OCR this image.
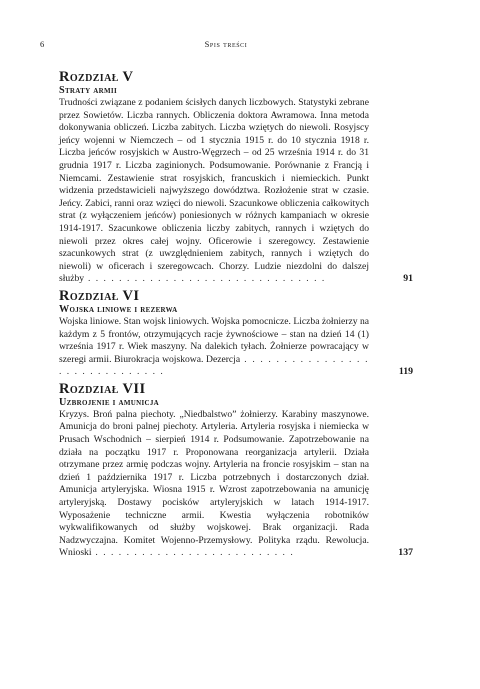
6	Spis treści
Rozdział V
Straty armii

Trudności związane z podaniem ścisłych danych liczbowych. Statystyki zebrane przez Sowietów. Liczba rannych. Obliczenia doktora Awramowa. Inna metoda dokonywania obliczeń. Liczba zabitych. Liczba wziętych do niewoli. Rosyjscy jeńcy wojenni w Niemczech – od 1 stycznia 1915 r. do 10 stycznia 1918 r. Liczba jeńców rosyjskich w Austro-Węgrzech – od 25 września 1914 r. do 31 grudnia 1917 r. Liczba zaginionych. Podsumowanie. Porównanie z Francją i Niemcami. Zestawienie strat rosyjskich, francuskich i niemieckich. Punkt widzenia przedstawicieli najwyższego dowództwa. Rozłożenie strat w czasie. Jeńcy. Zabici, ranni oraz wzięci do niewoli. Szacunkowe obliczenia całkowitych strat (z wyłączeniem jeńców) poniesionych w różnych kampaniach w okresie 1914-1917. Szacunkowe obliczenia liczby zabitych, rannych i wziętych do niewoli przez okres całej wojny. Oficerowie i szeregowcy. Zestawienie szacunkowych strat (z uwzględnieniem zabitych, rannych i wziętych do niewoli) w oficerach i szeregowcach. Chorzy. Ludzie niezdolni do dalszej służby . . . . . . . . . . . . . . . . . . . . . . . . . . . . . . .	91
Rozdział VI
Wojska liniowe i rezerwa

Wojska liniowe. Stan wojsk liniowych. Wojska pomocnicze. Liczba żołnierzy na każdym z 5 frontów, otrzymujących racje żywnościowe – stan na dzień 14 (1) września 1917 r. Wiek maszyny. Na dalekich tyłach. Żołnierze powracający w szeregi armii. Biurokracja wojskowa. Dezercja . . . . . . . . . . . . . . . . . . . . . . . . . . . . . .	119
Rozdział VII
Uzbrojenie i amunicja

Kryzys. Broń palna piechoty. „Niedbalstwo” żołnierzy. Karabiny maszynowe. Amunicja do broni palnej piechoty. Artyleria. Artyleria rosyjska i niemiecka w Prusach Wschodnich – sierpień 1914 r. Podsumowanie. Zapotrzebowanie na działa na początku 1917 r. Proponowana reorganizacja artylerii. Działa otrzymane przez armię podczas wojny. Artyleria na froncie rosyjskim – stan na dzień 1 października 1917 r. Liczba potrzebnych i dostarczonych dział. Amunicja artyleryjska. Wiosna 1915 r. Wzrost zapotrzebowania na amunicję artyleryjską. Dostawy pocisków artyleryjskich w latach 1914-1917. Wyposażenie techniczne armii. Kwestia wyłączenia robotników wykwalifikowanych od służby wojskowej. Brak organizacji. Rada Nadzwyczajna. Komitet Wojenno-Przemysłowy. Polityka rządu. Rewolucja. Wnioski . . . . . . . . . . . . . . . . . . . . . . . . . .	137
